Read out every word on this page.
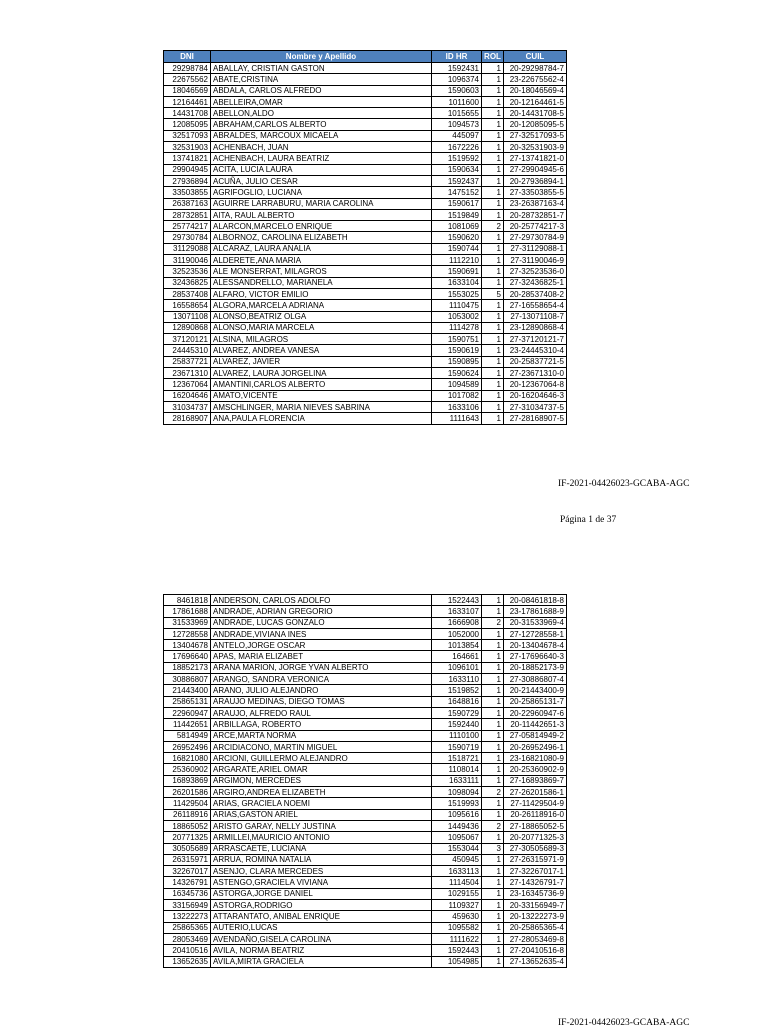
DNI	Nombre y Apellido	ID HR	ROL	CUIL
29298784	ABALLAY, CRISTIAN GASTON	1592431	1	20-29298784-7
22675562	ABATE,CRISTINA	1096374	1	23-22675562-4
18046569	ABDALA, CARLOS ALFREDO	1590603	1	20-18046569-4
12164461	ABELLEIRA,OMAR	1011600	1	20-12164461-5
14431708	ABELLON,ALDO	1015655	1	20-14431708-5
12085095	ABRAHAM,CARLOS ALBERTO	1094573	1	20-12085095-5
32517093	ABRALDES, MARCOUX MICAELA	445097	1	27-32517093-5
32531903	ACHENBACH, JUAN	1672226	1	20-32531903-9
13741821	ACHENBACH, LAURA BEATRIZ	1519592	1	27-13741821-0
29904945	ACITA, LUCIA LAURA	1590634	1	27-29904945-6
27936894	ACUÑA, JULIO CESAR	1592437	1	20-27936894-1
33503855	AGRIFOGLIO, LUCIANA	1475152	1	27-33503855-5
26387163	AGUIRRE LARRABURU, MARIA CAROLINA	1590617	1	23-26387163-4
28732851	AITA, RAUL ALBERTO	1519849	1	20-28732851-7
25774217	ALARCON,MARCELO ENRIQUE	1081069	2	20-25774217-3
29730784	ALBORNOZ, CAROLINA ELIZABETH	1590620	1	27-29730784-9
31129088	ALCARAZ, LAURA ANALIA	1590744	1	27-31129088-1
31190046	ALDERETE,ANA MARIA	1112210	1	27-31190046-9
32523536	ALE MONSERRAT, MILAGROS	1590691	1	27-32523536-0
32436825	ALESSANDRELLO, MARIANELA	1633104	1	27-32436825-1
28537408	ALFARO, VICTOR EMILIO	1553025	5	20-28537408-2
16558654	ALGORA,MARCELA ADRIANA	1110475	1	27-16558654-4
13071108	ALONSO,BEATRIZ OLGA	1053002	1	27-13071108-7
12890868	ALONSO,MARIA MARCELA	1114278	1	23-12890868-4
37120121	ALSINA, MILAGROS	1590751	1	27-37120121-7
24445310	ALVAREZ, ANDREA VANESA	1590619	1	23-24445310-4
25837721	ALVAREZ, JAVIER	1590895	1	20-25837721-5
23671310	ALVAREZ, LAURA JORGELINA	1590624	1	27-23671310-0
12367064	AMANTINI,CARLOS ALBERTO	1094589	1	20-12367064-8
16204646	AMATO,VICENTE	1017082	1	20-16204646-3
31034737	AMSCHLINGER, MARIA NIEVES SABRINA	1633106	1	27-31034737-5
28168907	ANA,PAULA FLORENCIA	1111643	1	27-28168907-5
IF-2021-04426023-GCABA-AGC
Página 1 de 37
8461818	ANDERSON, CARLOS ADOLFO	1522443	1	20-08461818-8
17861688	ANDRADE, ADRIAN GREGORIO	1633107	1	23-17861688-9
31533969	ANDRADE, LUCAS GONZALO	1666908	2	20-31533969-4
12728558	ANDRADE,VIVIANA INES	1052000	1	27-12728558-1
13404678	ANTELO,JORGE OSCAR	1013854	1	20-13404678-4
17696640	APAS, MARIA ELIZABET	164661	1	27-17696640-3
18852173	ARANA MARION, JORGE YVAN ALBERTO	1096101	1	20-18852173-9
30886807	ARANGO, SANDRA VERONICA	1633110	1	27-30886807-4
21443400	ARANO, JULIO ALEJANDRO	1519852	1	20-21443400-9
25865131	ARAUJO MEDINAS, DIEGO TOMAS	1648816	1	20-25865131-7
22960947	ARAUJO, ALFREDO RAUL	1590729	1	20-22960947-6
11442651	ARBILLAGA, ROBERTO	1592440	1	20-11442651-3
5814949	ARCE,MARTA NORMA	1110100	1	27-05814949-2
26952496	ARCIDIACONO, MARTIN MIGUEL	1590719	1	20-26952496-1
16821080	ARCIONI, GUILLERMO ALEJANDRO	1518721	1	23-16821080-9
25360902	ARGARATE,ARIEL OMAR	1108014	1	20-25360902-9
16893869	ARGIMON, MERCEDES	1633111	1	27-16893869-7
26201586	ARGIRO,ANDREA ELIZABETH	1098094	2	27-26201586-1
11429504	ARIAS, GRACIELA NOEMI	1519993	1	27-11429504-9
26118916	ARIAS,GASTON ARIEL	1095616	1	20-26118916-0
18865052	ARISTO GARAY, NELLY JUSTINA	1449436	2	27-18865052-5
20771325	ARMILLEI,MAURICIO ANTONIO	1095067	1	20-20771325-3
30505689	ARRASCAETE, LUCIANA	1553044	3	27-30505689-3
26315971	ARRUA, ROMINA NATALIA	450945	1	27-26315971-9
32267017	ASENJO, CLARA MERCEDES	1633113	1	27-32267017-1
14326791	ASTENGO,GRACIELA VIVIANA	1114504	1	27-14326791-7
16345736	ASTORGA,JORGE DANIEL	1029155	1	23-16345736-9
33156949	ASTORGA,RODRIGO	1109327	1	20-33156949-7
13222273	ATTARANTATO, ANIBAL ENRIQUE	459630	1	20-13222273-9
25865365	AUTERIO,LUCAS	1095582	1	20-25865365-4
28053469	AVENDAÑO,GISELA CAROLINA	1111622	1	27-28053469-8
20410516	AVILA, NORMA BEATRIZ	1592443	1	27-20410516-8
13652635	AVILA,MIRTA GRACIELA	1054985	1	27-13652635-4
IF-2021-04426023-GCABA-AGC
